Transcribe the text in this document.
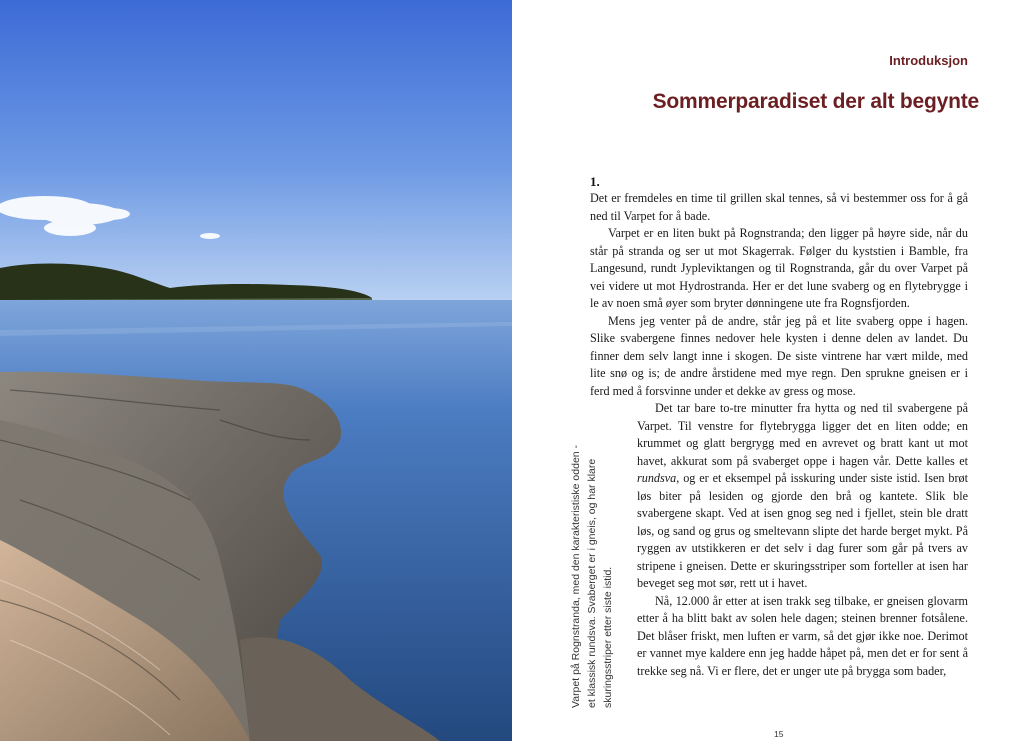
Introduksjon

Sommerparadiset der alt begynte

1.

Det er fremdeles en time til grillen skal tennes, så vi bestemmer oss for å gå ned til Varpet for å bade.

Varpet er en liten bukt på Rognstranda; den ligger på høyre side, når du står på stranda og ser ut mot Skagerrak. Følger du kyststien i Bamble, fra Langesund, rundt Jypleviktangen og til Rognstranda, går du over Varpet på vei videre ut mot Hydrostranda. Her er det lune svaberg og en flytebrygge i le av noen små øyer som bryter dønningene ute fra Rognsfjorden.

Mens jeg venter på de andre, står jeg på et lite svaberg oppe i hagen. Slike svabergene finnes nedover hele kysten i denne delen av landet. Du finner dem selv langt inne i skogen. De siste vintrene har vært milde, med lite snø og is; de andre årstidene med mye regn. Den sprukne gneisen er i ferd med å forsvinne under et dekke av gress og mose.

Det tar bare to-tre minutter fra hytta og ned til svabergene på Varpet. Til venstre for flytebrygga ligger det en liten odde; en krummet og glatt bergrygg med en avrevet og bratt kant ut mot havet, akkurat som på svaberget oppe i hagen vår. Dette kalles et rundsva, og er et eksempel på isskuring under siste istid. Isen brøt løs biter på lesiden og gjorde den brå og kantete. Slik ble svabergene skapt. Ved at isen gnog seg ned i fjellet, stein ble dratt løs, og sand og grus og smeltevann slipte det harde berget mykt. På ryggen av utstikkeren er det selv i dag furer som går på tvers av stripene i gneisen. Dette er skuringsstriper som forteller at isen har beveget seg mot sør, rett ut i havet.

Nå, 12.000 år etter at isen trakk seg tilbake, er gneisen glovarm etter å ha blitt bakt av solen hele dagen; steinen brenner fotsålene. Det blåser friskt, men luften er varm, så det gjør ikke noe. Derimot er vannet mye kaldere enn jeg hadde håpet på, men det er for sent å trekke seg nå. Vi er flere, det er unger ute på brygga som bader,

15

Varpet på Rognstranda, med den karakteristiske odden - et klassisk rundsva. Svaberget er i gneis, og har klare skuringsstriper etter siste istid.
